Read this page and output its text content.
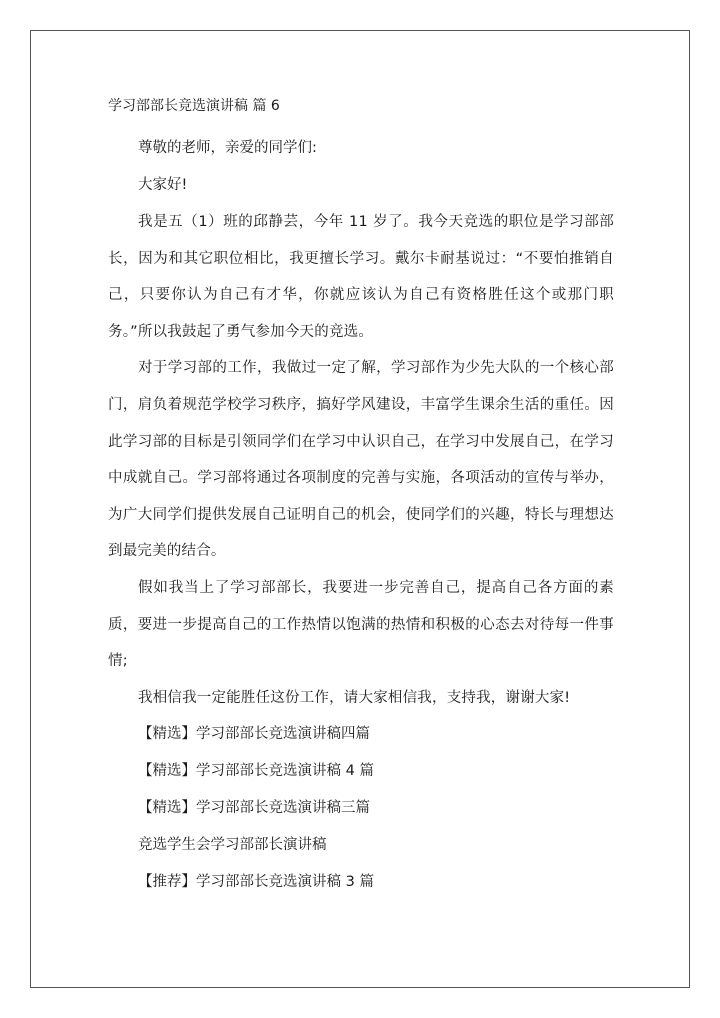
学习部部长竞选演讲稿 篇 6

尊敬的老师，亲爱的同学们:

大家好!

我是五（1）班的邱静芸，今年 11 岁了。我今天竞选的职位是学习部部长，因为和其它职位相比，我更擅长学习。戴尔卡耐基说过：“不要怕推销自己，只要你认为自己有才华，你就应该认为自己有资格胜任这个或那门职务。”所以我鼓起了勇气参加今天的竞选。

对于学习部的工作，我做过一定了解，学习部作为少先大队的一个核心部门，肩负着规范学校学习秩序，搞好学风建设，丰富学生课余生活的重任。因此学习部的目标是引领同学们在学习中认识自己，在学习中发展自己，在学习中成就自己。学习部将通过各项制度的完善与实施，各项活动的宣传与举办，为广大同学们提供发展自己证明自己的机会，使同学们的兴趣，特长与理想达到最完美的结合。

假如我当上了学习部部长，我要进一步完善自己，提高自己各方面的素质，要进一步提高自己的工作热情以饱满的热情和积极的心态去对待每一件事情;

我相信我一定能胜任这份工作，请大家相信我，支持我，谢谢大家!

【精选】学习部部长竞选演讲稿四篇
【精选】学习部部长竞选演讲稿 4 篇
【精选】学习部部长竞选演讲稿三篇
竞选学生会学习部部长演讲稿
【推荐】学习部部长竞选演讲稿 3 篇
